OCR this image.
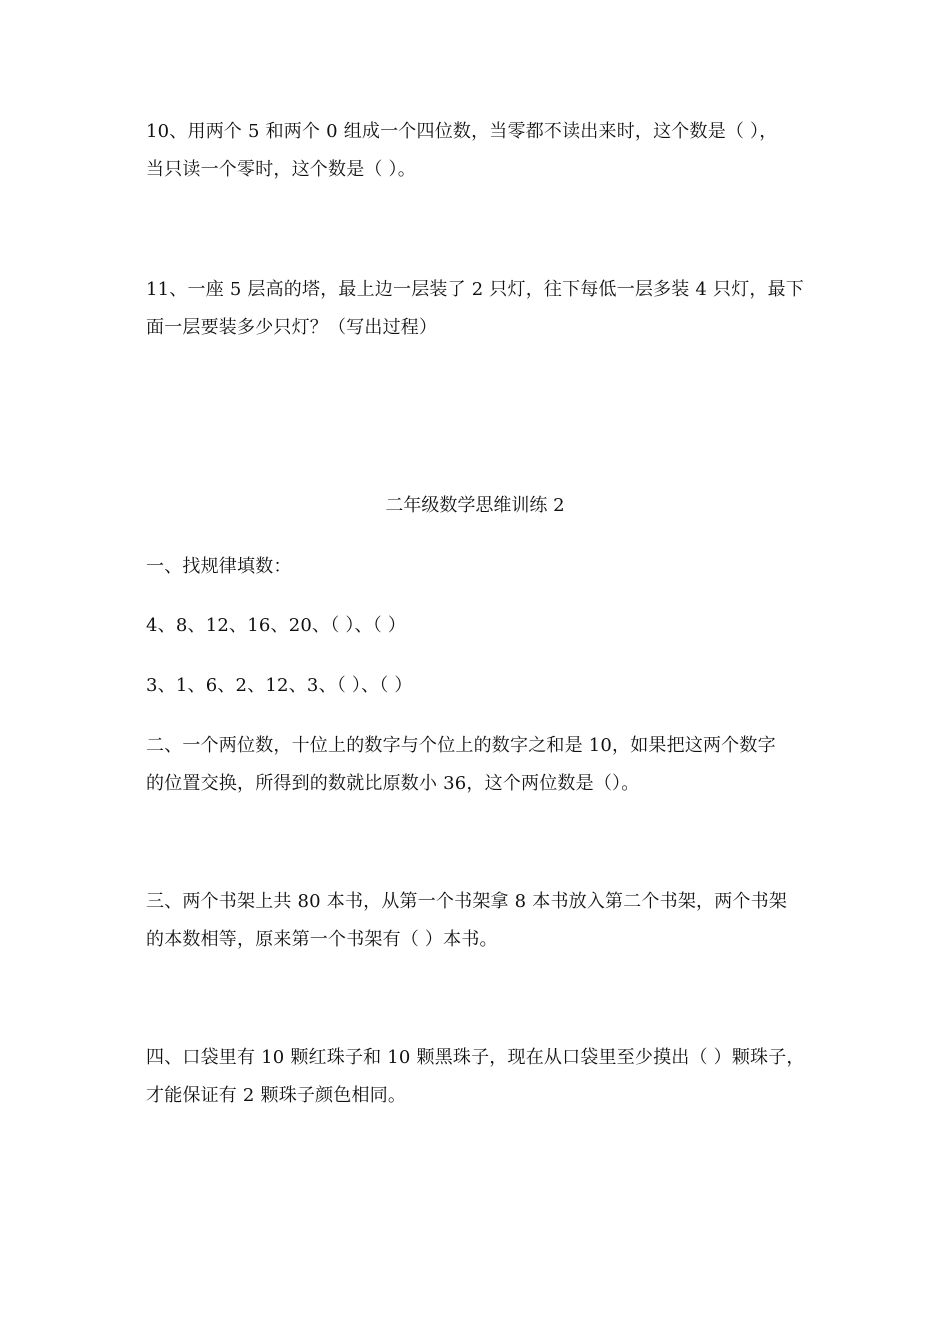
10、用两个 5 和两个 0 组成一个四位数，当零都不读出来时，这个数是（ ），
当只读一个零时，这个数是（ ）。
11、一座 5 层高的塔，最上边一层装了 2 只灯，往下每低一层多装 4 只灯，最下
面一层要装多少只灯？（写出过程）
二年级数学思维训练 2
一、找规律填数：
4、8、12、16、20、（ ）、（ ）
3、1、6、2、12、3、（ ）、（ ）
二、一个两位数，十位上的数字与个位上的数字之和是 10，如果把这两个数字
的位置交换，所得到的数就比原数小 36，这个两位数是（）。
三、两个书架上共 80 本书，从第一个书架拿 8 本书放入第二个书架，两个书架
的本数相等，原来第一个书架有（ ）本书。
四、口袋里有 10 颗红珠子和 10 颗黑珠子，现在从口袋里至少摸出（ ）颗珠子，
才能保证有 2 颗珠子颜色相同。
